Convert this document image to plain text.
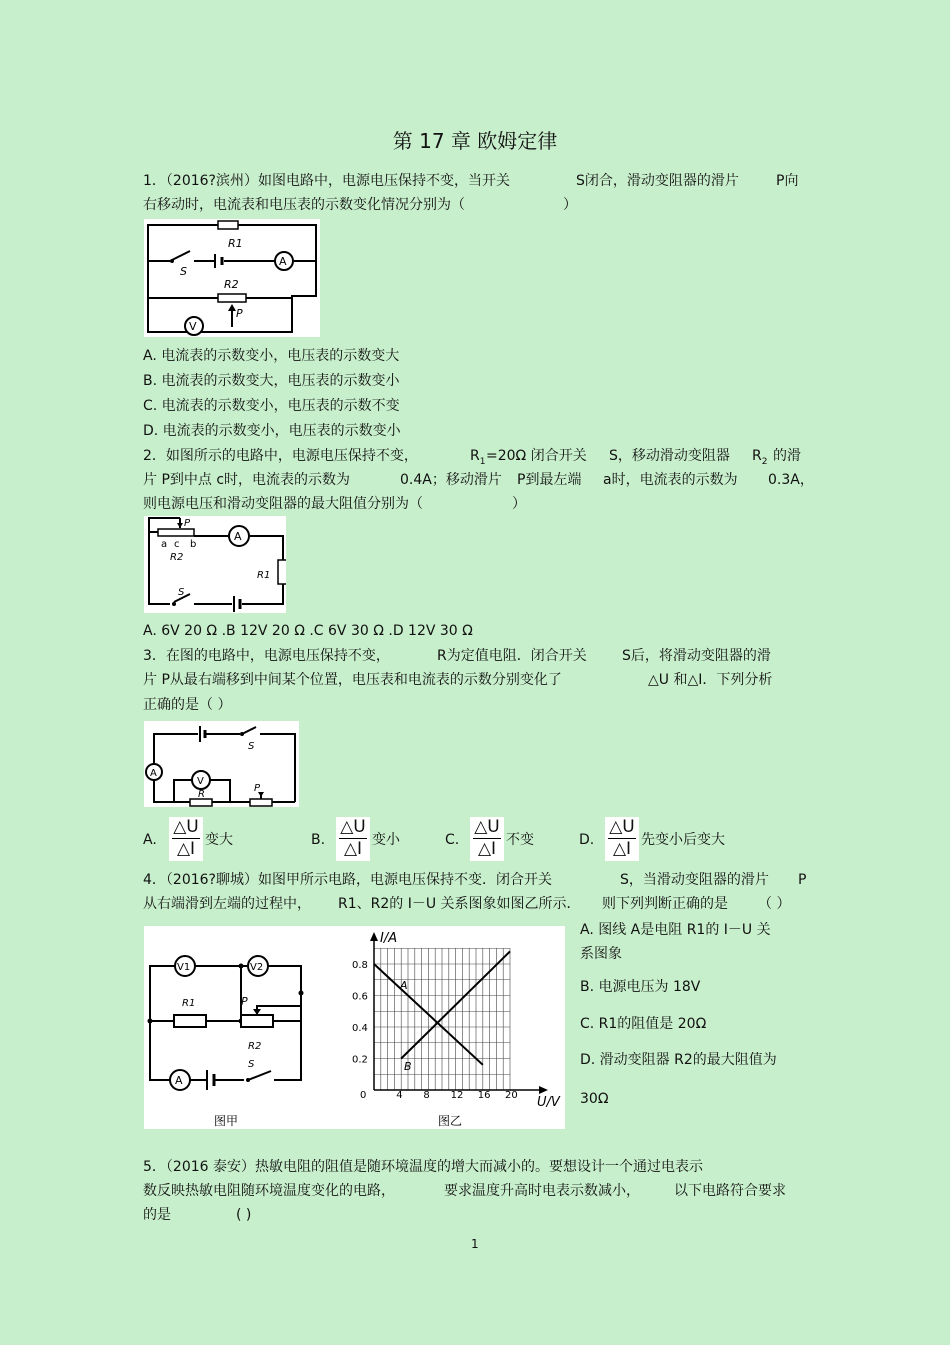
第 17 章 欧姆定律
1．（2016?滨州）如图电路中，电源电压保持不变，当开关	S闭合，滑动变阻器的滑片	P向
右移动时，电流表和电压表的示数变化情况分别为（	）
R1
R2
S
A
V
P
A. 电流表的示数变小，电压表的示数变大
B. 电流表的示数变大，电压表的示数变小
C. 电流表的示数变小，电压表的示数不变
D. 电流表的示数变小，电压表的示数变小
2．如图所示的电路中，电源电压保持不变，	$R_1 =20\Omega$ 闭合开关 S，移动滑动变阻器 $R_2$ 的滑
片 P到中点 c时，电流表的示数为	0.4A；移动滑片 P到最左端 a时，电流表的示数为 0.3A，
则电源电压和滑动变阻器的最大阻值分别为（	）
P
a c b
R2
R1
S
A
A. 6V 20 Ω .B 12V 20 Ω .C 6V 30 Ω .D 12V 30 Ω
3．在图的电路中，电源电压保持不变，	R为定值电阻．闭合开关	S后，将滑动变阻器的滑
片 P从最右端移到中间某个位置，电压表和电流表的示数分别变化了	△U 和△I．下列分析
正确的是（ ）
S
A
V
R
P
A.
△U
△I 变大	B.
△U
△I 变小	C.
△U
△I 不变	D.
△U
△I 先变小后变大
4．（2016?聊城）如图甲所示电路，电源电压保持不变．闭合开关	S，当滑动变阻器的滑片 P
从右端滑到左端的过程中， R1、R2的 I－U 关系图象如图乙所示． 则下列判断正确的是 （ ）
V1	V2
R1	P
R2
A
S
图甲
I/A
U/V
A
B
0.8
0.6
0.4
0.2
0	4 8 12 16 20
图乙
A. 图线 A是电阻 R1的 I－U 关
系图象
B. 电源电压为 18V
C. R1的阻值是 20Ω
D. 滑动变阻器 R2的最大阻值为
30Ω
5．（2016 泰安）热敏电阻的阻值是随环境温度的增大而减小的。要想设计一个通过电表示
数反映热敏电阻随环境温度变化的电路，	要求温度升高时电表示数减小， 以下电路符合要求
的是	( )
1
